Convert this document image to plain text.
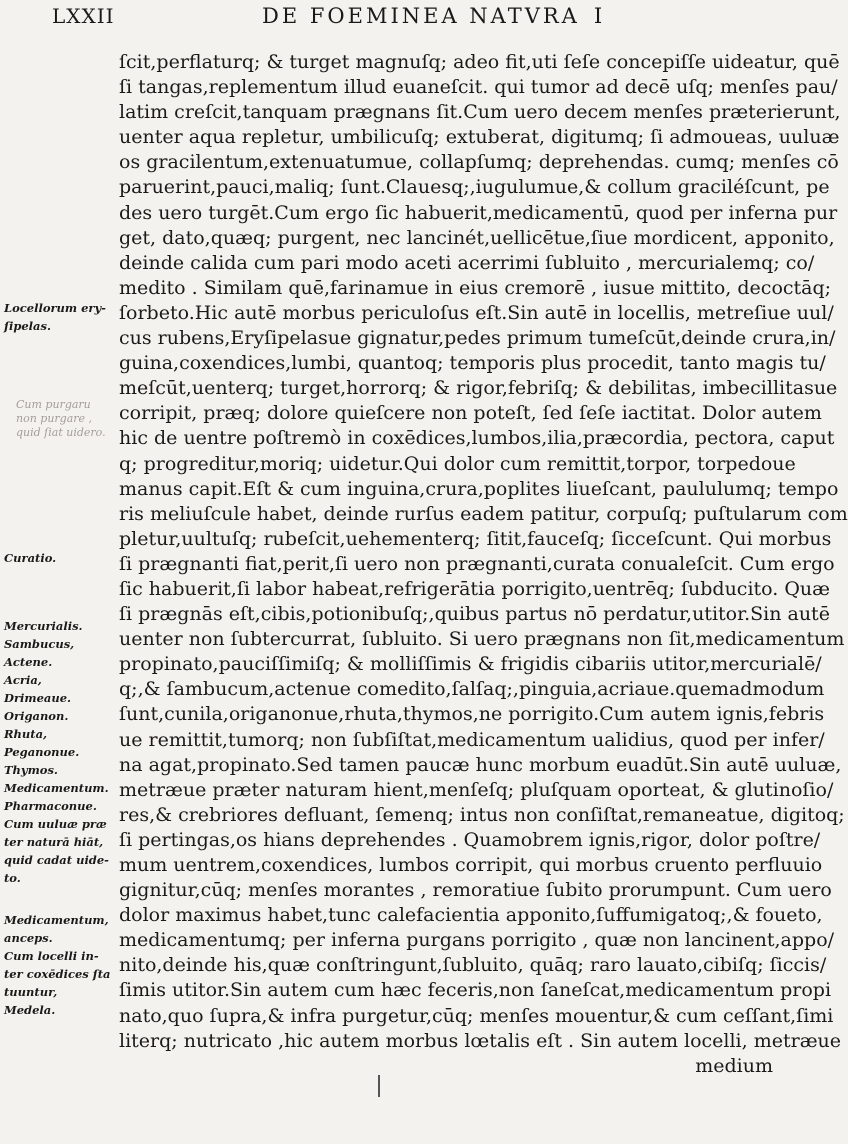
LXXII	DE FOEMINEA NATVRA I
Locellorum ery-
ſipelas.
Curatio.
Mercurialis.
Sambucus,
Actene.
Acria,
Drimeaue.
Origanon.
Rhuta,
Peganonue.
Thymos.
Medicamentum.
Pharmaconue.
Cum uuluæ præ
ter naturā hiāt,
quid cadat uide-
to.
Medicamentum,
anceps.
Cum locelli in-
ter coxēdices ſta
tuuntur,
Medela.
Cum purgaru
non purgare ,
quid ſiat uidero.
ſcit,perflaturq; & turget magnuſq; adeo fit,uti ſeſe concepiſſe uideatur, quē
ſi tangas,replementum illud euaneſcit. qui tumor ad decē uſq; menſes pau/
latim creſcit,tanquam prægnans ſit.Cum uero decem menſes præterierunt,
uenter aqua repletur, umbilicuſq; extuberat, digitumq; ſi admoueas, uuluæ
os gracilentum,extenuatumue, collapſumq; deprehendas. cumq; menſes cō
paruerint,pauci,maliq; ſunt.Clauesq;,iugulumue,& collum graciléſcunt, pe
des uero turgēt.Cum ergo ſic habuerit,medicamentū, quod per inferna pur
get, dato,quæq; purgent, nec lancinét,uellicētue,ſiue mordicent, apponito,
deinde calida cum pari modo aceti acerrimi ſubluito , mercurialemq; co/
medito . Similam quē,farinamue in eius cremorē , iusue mittito, decoctāq;
ſorbeto.Hic autē morbus periculoſus eſt.Sin autē in locellis, metreſiue uul/
cus rubens,Eryſipelasue gignatur,pedes primum tumeſcūt,deinde crura,in/
guina,coxendices,lumbi, quantoq; temporis plus procedit, tanto magis tu/
meſcūt,uenterq; turget,horrorq; & rigor,febriſq; & debilitas, imbecillitasue
corripit, præq; dolore quieſcere non poteſt, ſed ſeſe iactitat. Dolor autem
hic de uentre poſtremò in coxēdices,lumbos,ilia,præcordia, pectora, caput
q; progreditur,moriq; uidetur.Qui dolor cum remittit,torpor, torpedoue
manus capit.Eſt & cum inguina,crura,poplites liueſcant, paululumq; tempo
ris meliuſcule habet, deinde rurſus eadem patitur, corpuſq; puſtularum com
pletur,uultuſq; rubeſcit,uehementerq; ſitit,fauceſq; ſicceſcunt. Qui morbus
ſi prægnanti fiat,perit,ſi uero non prægnanti,curata conualeſcit. Cum ergo
ſic habuerit,ſi labor habeat,refrigerātia porrigito,uentrēq; ſubducito. Quæ
ſi prægnās eſt,cibis,potionibuſq;,quibus partus nō perdatur,utitor.Sin autē
uenter non ſubtercurrat, ſubluito. Si uero prægnans non ſit,medicamentum
propinato,pauciſſimiſq; & molliſſimis & frigidis cibariis utitor,mercurialē/
q;,& ſambucum,actenue comedito,ſalſaq;,pinguia,acriaue.quemadmodum
ſunt,cunila,origanonue,rhuta,thymos,ne porrigito.Cum autem ignis,febris
ue remittit,tumorq; non ſubſiſtat,medicamentum ualidius, quod per infer/
na agat,propinato.Sed tamen paucæ hunc morbum euadūt.Sin autē uuluæ,
metræue præter naturam hient,menſeſq; pluſquam oporteat, & glutinoſio/
res,& crebriores defluant, ſemenq; intus non conſiſtat,remaneatue, digitoq;
ſi pertingas,os hians deprehendes . Quamobrem ignis,rigor, dolor poſtre/
mum uentrem,coxendices, lumbos corripit, qui morbus cruento perfluuio
gignitur,cūq; menſes morantes , remoratiue ſubito prorumpunt. Cum uero
dolor maximus habet,tunc calefacientia apponito,ſuffumigatoq;,& foueto,
medicamentumq; per inferna purgans porrigito , quæ non lancinent,appo/
nito,deinde his,quæ conſtringunt,ſubluito, quāq; raro lauato,cibiſq; ſiccis/
ſimis utitor.Sin autem cum hæc feceris,non ſaneſcat,medicamentum propi
nato,quo ſupra,& infra purgetur,cūq; menſes mouentur,& cum ceſſant,ſimi
literq; nutricato ,hic autem morbus lœtalis eſt . Sin autem locelli, metræue
medium
